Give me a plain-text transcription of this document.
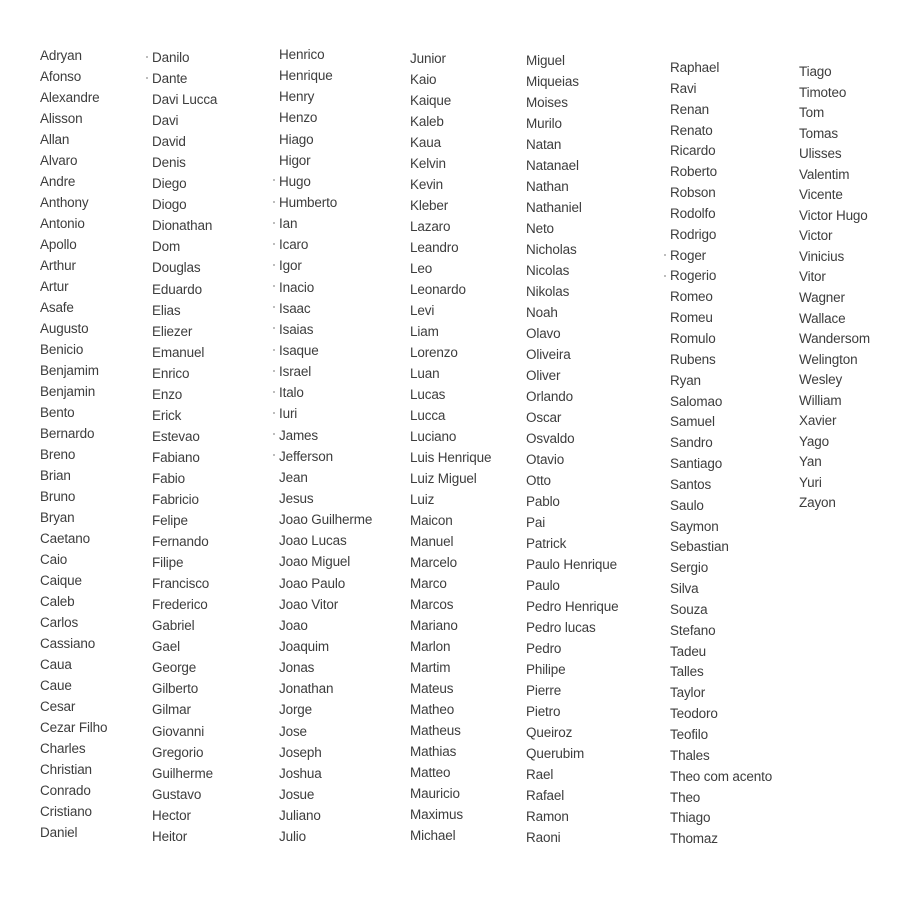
Adryan
Afonso
Alexandre
Alisson
Allan
Alvaro
Andre
Anthony
Antonio
Apollo
Arthur
Artur
Asafe
Augusto
Benicio
Benjamim
Benjamin
Bento
Bernardo
Breno
Brian
Bruno
Bryan
Caetano
Caio
Caique
Caleb
Carlos
Cassiano
Caua
Caue
Cesar
Cezar Filho
Charles
Christian
Conrado
Cristiano
Daniel
Danilo
Dante
Davi Lucca
Davi
David
Denis
Diego
Diogo
Dionathan
Dom
Douglas
Eduardo
Elias
Eliezer
Emanuel
Enrico
Enzo
Erick
Estevao
Fabiano
Fabio
Fabricio
Felipe
Fernando
Filipe
Francisco
Frederico
Gabriel
Gael
George
Gilberto
Gilmar
Giovanni
Gregorio
Guilherme
Gustavo
Hector
Heitor
Henrico
Henrique
Henry
Henzo
Hiago
Higor
Hugo
Humberto
Ian
Icaro
Igor
Inacio
Isaac
Isaias
Isaque
Israel
Italo
Iuri
James
Jefferson
Jean
Jesus
Joao Guilherme
Joao Lucas
Joao Miguel
Joao Paulo
Joao Vitor
Joao
Joaquim
Jonas
Jonathan
Jorge
Jose
Joseph
Joshua
Josue
Juliano
Julio
Junior
Kaio
Kaique
Kaleb
Kaua
Kelvin
Kevin
Kleber
Lazaro
Leandro
Leo
Leonardo
Levi
Liam
Lorenzo
Luan
Lucas
Lucca
Luciano
Luis Henrique
Luiz Miguel
Luiz
Maicon
Manuel
Marcelo
Marco
Marcos
Mariano
Marlon
Martim
Mateus
Matheo
Matheus
Mathias
Matteo
Mauricio
Maximus
Michael
Miguel
Miqueias
Moises
Murilo
Natan
Natanael
Nathan
Nathaniel
Neto
Nicholas
Nicolas
Nikolas
Noah
Olavo
Oliveira
Oliver
Orlando
Oscar
Osvaldo
Otavio
Otto
Pablo
Pai
Patrick
Paulo Henrique
Paulo
Pedro Henrique
Pedro lucas
Pedro
Philipe
Pierre
Pietro
Queiroz
Querubim
Rael
Rafael
Ramon
Raoni
Raphael
Ravi
Renan
Renato
Ricardo
Roberto
Robson
Rodolfo
Rodrigo
Roger
Rogerio
Romeo
Romeu
Romulo
Rubens
Ryan
Salomao
Samuel
Sandro
Santiago
Santos
Saulo
Saymon
Sebastian
Sergio
Silva
Souza
Stefano
Tadeu
Talles
Taylor
Teodoro
Teofilo
Thales
Theo com acento
Theo
Thiago
Thomaz
Tiago
Timoteo
Tom
Tomas
Ulisses
Valentim
Vicente
Victor Hugo
Victor
Vinicius
Vitor
Wagner
Wallace
Wandersom
Welington
Wesley
William
Xavier
Yago
Yan
Yuri
Zayon
